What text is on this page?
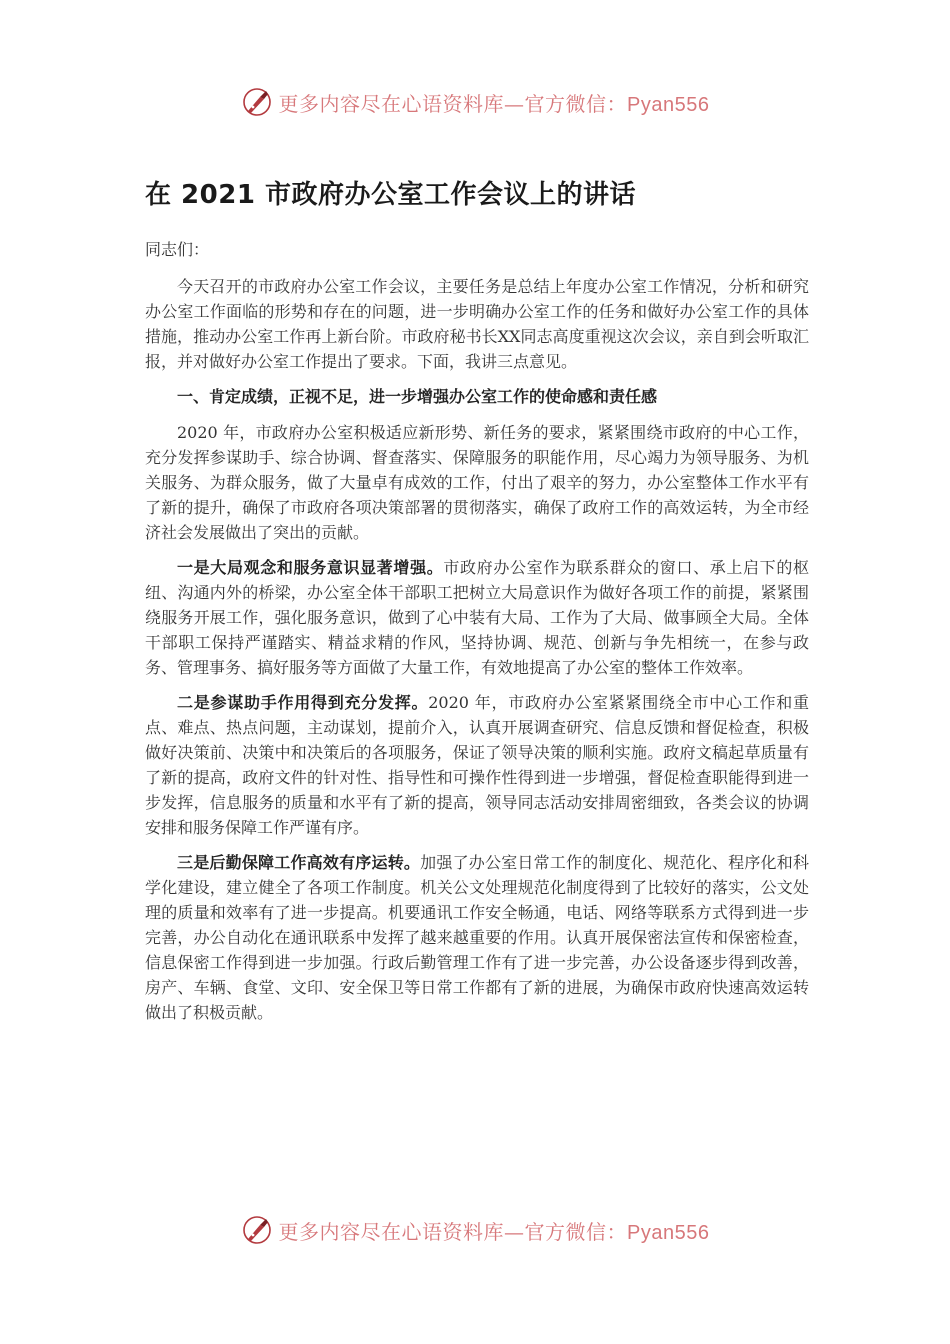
更多内容尽在心语资料库—官方微信：Pyan556
在 2021 市政府办公室工作会议上的讲话
同志们：

今天召开的市政府办公室工作会议，主要任务是总结上年度办公室工作情况，分析和研究办公室工作面临的形势和存在的问题，进一步明确办公室工作的任务和做好办公室工作的具体措施，推动办公室工作再上新台阶。市政府秘书长XX同志高度重视这次会议，亲自到会听取汇报，并对做好办公室工作提出了要求。下面，我讲三点意见。

一、肯定成绩，正视不足，进一步增强办公室工作的使命感和责任感

2020 年，市政府办公室积极适应新形势、新任务的要求，紧紧围绕市政府的中心工作，充分发挥参谋助手、综合协调、督查落实、保障服务的职能作用，尽心竭力为领导服务、为机关服务、为群众服务，做了大量卓有成效的工作，付出了艰辛的努力，办公室整体工作水平有了新的提升，确保了市政府各项决策部署的贯彻落实，确保了政府工作的高效运转，为全市经济社会发展做出了突出的贡献。

一是大局观念和服务意识显著增强。市政府办公室作为联系群众的窗口、承上启下的枢纽、沟通内外的桥梁，办公室全体干部职工把树立大局意识作为做好各项工作的前提，紧紧围绕服务开展工作，强化服务意识，做到了心中装有大局、工作为了大局、做事顾全大局。全体干部职工保持严谨踏实、精益求精的作风，坚持协调、规范、创新与争先相统一，在参与政务、管理事务、搞好服务等方面做了大量工作，有效地提高了办公室的整体工作效率。

二是参谋助手作用得到充分发挥。2020 年，市政府办公室紧紧围绕全市中心工作和重点、难点、热点问题，主动谋划，提前介入，认真开展调查研究、信息反馈和督促检查，积极做好决策前、决策中和决策后的各项服务，保证了领导决策的顺利实施。政府文稿起草质量有了新的提高，政府文件的针对性、指导性和可操作性得到进一步增强，督促检查职能得到进一步发挥，信息服务的质量和水平有了新的提高，领导同志活动安排周密细致，各类会议的协调安排和服务保障工作严谨有序。

三是后勤保障工作高效有序运转。加强了办公室日常工作的制度化、规范化、程序化和科学化建设，建立健全了各项工作制度。机关公文处理规范化制度得到了比较好的落实，公文处理的质量和效率有了进一步提高。机要通讯工作安全畅通，电话、网络等联系方式得到进一步完善，办公自动化在通讯联系中发挥了越来越重要的作用。认真开展保密法宣传和保密检查，信息保密工作得到进一步加强。行政后勤管理工作有了进一步完善，办公设备逐步得到改善，房产、车辆、食堂、文印、安全保卫等日常工作都有了新的进展，为确保市政府快速高效运转做出了积极贡献。

更多内容尽在心语资料库—官方微信：Pyan556
